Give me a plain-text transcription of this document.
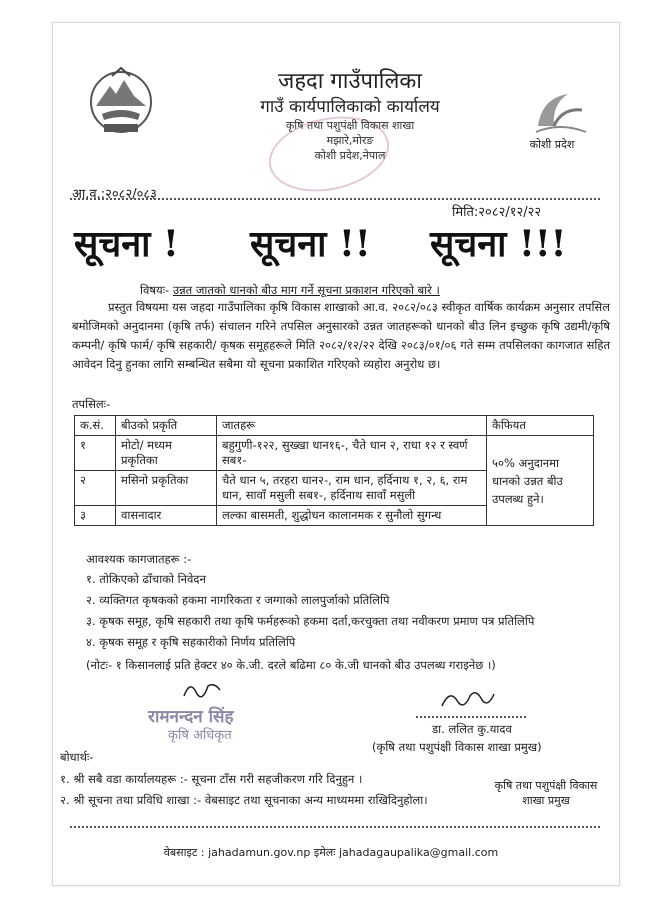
जहदा गाउँपालिका
गाउँ कार्यपालिकाको कार्यालय
कृषि तथा पशुपंक्षी विकास शाखा
मझारे,मोरङ
कोशी प्रदेश,नेपाल
कोशी प्रदेश
आ.व.:२०८२/०८३
मिति:२०८२/१२/२२
सूचना ! सूचना !! सूचना !!!
विषयः- उन्नत जातको धानको बीउ माग गर्ने सूचना प्रकाशन गरिएको बारे ।
प्रस्तुत विषयमा यस जहदा गाउँपालिका कृषि विकास शाखाको आ.व. २०८२/०८३ स्वीकृत वार्षिक कार्यक्रम अनुसार तपसिल बमोजिमको अनुदानमा (कृषि तर्फ) संचालन गरिने तपसिल अनुसारको उन्नत जातहरूको धानको बीउ लिन इच्छुक कृषि उद्यमी/कृषि कम्पनी/ कृषि फार्म/ कृषि सहकारी/ कृषक समूहहरूले मिति २०८२/१२/२२ देखि २०८३/०१/०६ गते सम्म तपसिलका कागजात सहित आवेदन दिनु हुनका लागि सम्बन्धित सबैमा यो सूचना प्रकाशित गरिएको व्यहोरा अनुरोध छ।
तपसिलः-
क.सं.	बीउको प्रकृति	जातहरू	कैफियत
१	मोटो/ मध्यम प्रकृतिका	बहुगुणी-१२२, सुख्खा धान१६-, चैते धान २, राधा १२ र स्वर्ण सब१-	५०% अनुदानमा धानको उन्नत बीउ उपलब्ध हुने।
२	मसिनो प्रकृतिका	चैते धान ५, तरहरा धान२-, राम धान, हर्दिनाथ १, २, ६, राम धान, सावाँ मसुली सब१-, हर्दिनाथ सावाँ मसुली	
३	वासनादार	लल्का बासमती, शुद्धोधन कालानमक र सुनौलो सुगन्ध	
आवश्यक कागजातहरू :-
१. तोकिएको ढाँचाको निवेदन
२. व्यक्तिगत कृषकको हकमा नागरिकता र जग्गाको लालपुर्जाको प्रतिलिपि
३. कृषक समूह, कृषि सहकारी तथा कृषि फर्महरूको हकमा दर्ता,करचुक्ता तथा नवीकरण प्रमाण पत्र प्रतिलिपि
४. कृषक समूह र कृषि सहकारीको निर्णय प्रतिलिपि
(नोटः- १ किसानलाई प्रति हेक्टर ४० के.जी. दरले बढिमा ८० के.जी धानको बीउ उपलब्ध गराइनेछ ।)
रामनन्दन सिंह
कृषि अधिकृत	डा. ललित कु.यादव
(कृषि तथा पशुपंक्षी विकास शाखा प्रमुख)
बोधार्थः-
१. श्री सबै वडा कार्यालयहरू :- सूचना टाँस गरी सहजीकरण गरि दिनुहुन ।
२. श्री सूचना तथा प्रविधि शाखा :- वेबसाइट तथा सूचनाका अन्य माध्यममा राखिदिनुहोला।
कृषि तथा पशुपंक्षी विकास शाखा प्रमुख
वेबसाइट : jahadamun.gov.np इमेलः jahadagaupalika@gmail.com
